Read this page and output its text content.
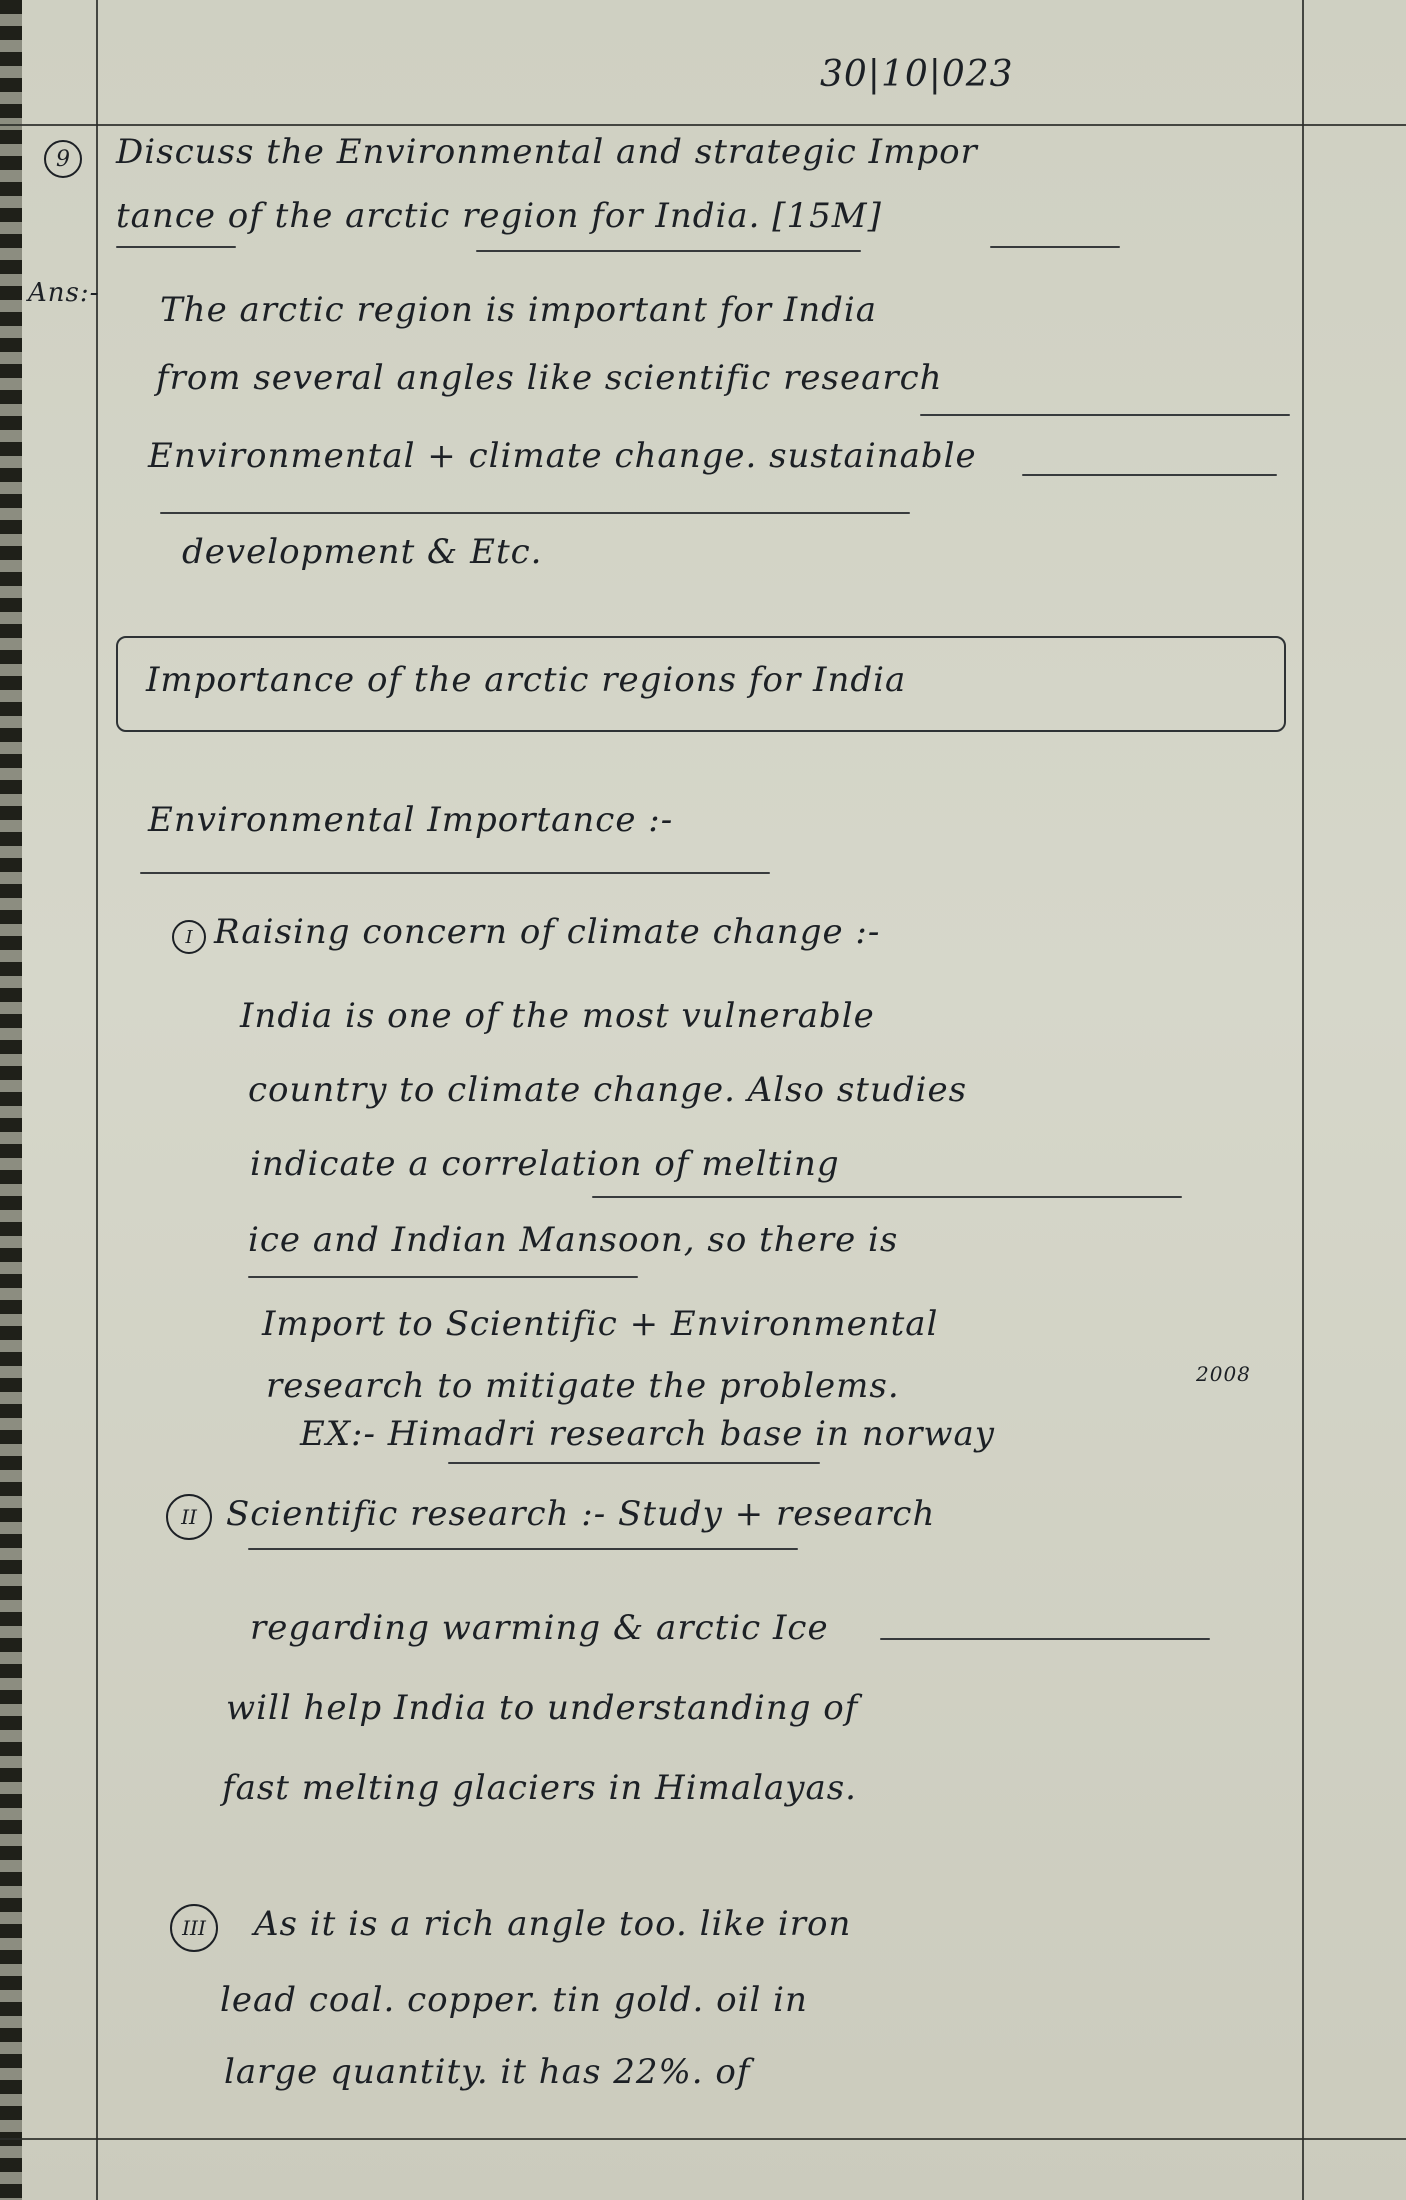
30|10|023
9 Discuss the Environmental and strategic Impor
tance of the arctic region for India. [15M]
Ans:- The arctic region is important for India
from several angles like scientific research
Environmental + climate change. sustainable
development & Etc.
Importance of the arctic regions for India
Environmental Importance :-
I Raising concern of climate change :-
India is one of the most vulnerable
country to climate change. Also studies
indicate a correlation of melting
ice and Indian Mansoon, so there is
Import to Scientific + Environmental
research to mitigate the problems.	2008
EX:- Himadri research base in norway
II Scientific research :- Study + research
regarding warming & arctic Ice
will help India to understanding of
fast melting glaciers in Himalayas.
III As it is a rich angle too. like iron
lead coal. copper. tin gold. oil in
large quantity. it has 22%. of
